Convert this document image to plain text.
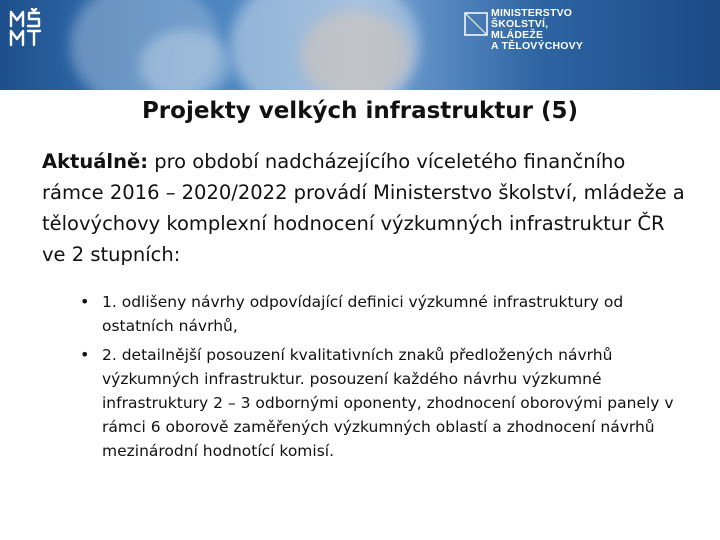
MINISTERSTVO
ŠKOLSTVÍ,
MLÁDEŽE
A TĚLOVÝCHOVY
Projekty velkých infrastruktur (5)
Aktuálně: pro období nadcházejícího víceletého finančního rámce 2016 – 2020/2022 provádí Ministerstvo školství, mládeže a tělovýchovy komplexní hodnocení výzkumných infrastruktur ČR ve 2 stupních:
• 1. odlišeny návrhy odpovídající definici výzkumné infrastruktury od ostatních návrhů,
• 2. detailnější posouzení kvalitativních znaků předložených návrhů výzkumných infrastruktur. posouzení každého návrhu výzkumné infrastruktury 2 – 3 odbornými oponenty, zhodnocení oborovými panely v rámci 6 oborově zaměřených výzkumných oblastí a zhodnocení návrhů mezinárodní hodnotící komisí.
